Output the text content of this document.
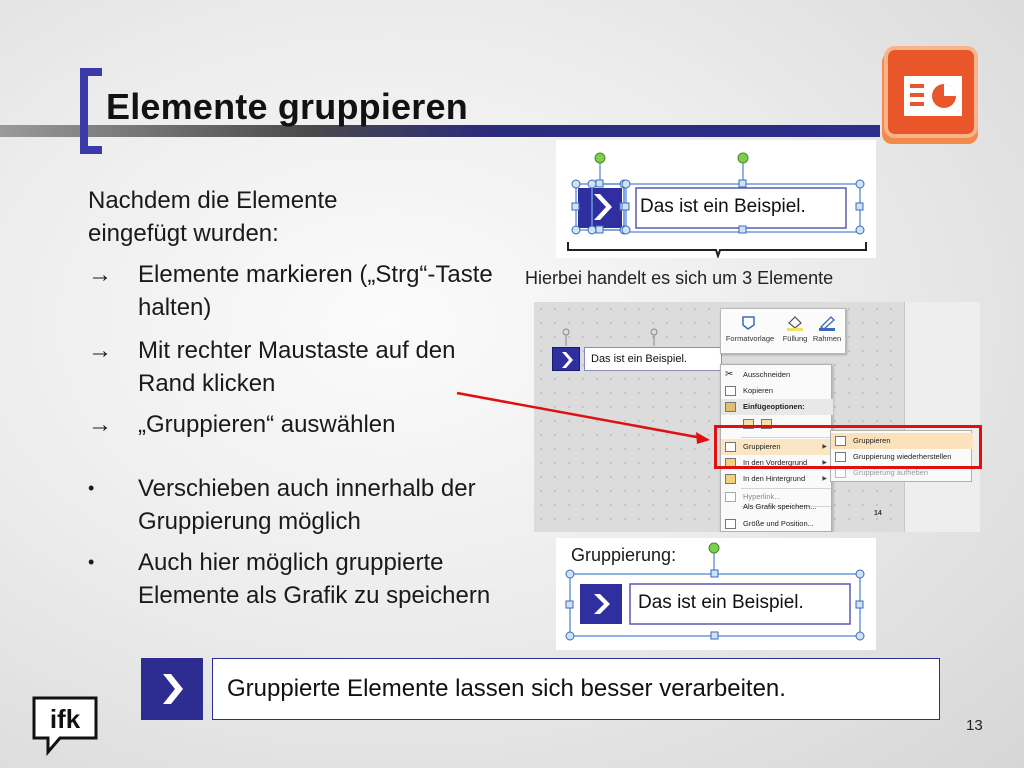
Elemente gruppieren
Nachdem die Elemente eingefügt wurden:
→	Elemente markieren („Strg“-Taste halten)
→	Mit rechter Maustaste auf den Rand klicken
→	„Gruppieren“ auswählen
•	Verschieben auch innerhalb der Gruppierung möglich
•	Auch hier möglich gruppierte Elemente als Grafik zu speichern
Das ist ein Beispiel.
Hierbei handelt es sich um 3 Elemente
Das ist ein Beispiel.
Formatvorlage	Füllung Rahmen
✂	Ausschneiden
Kopieren
Einfügeoptionen:
Gruppieren	▶
In den Vordergrund	▶
In den Hintergrund	▶
Hyperlink...
Als Grafik speichern...
Größe und Position...
Gruppieren
Gruppierung wiederherstellen
Gruppierung aufheben
14
Gruppierung:
Das ist ein Beispiel.
Gruppierte Elemente lassen sich besser verarbeiten.
ifk	13
